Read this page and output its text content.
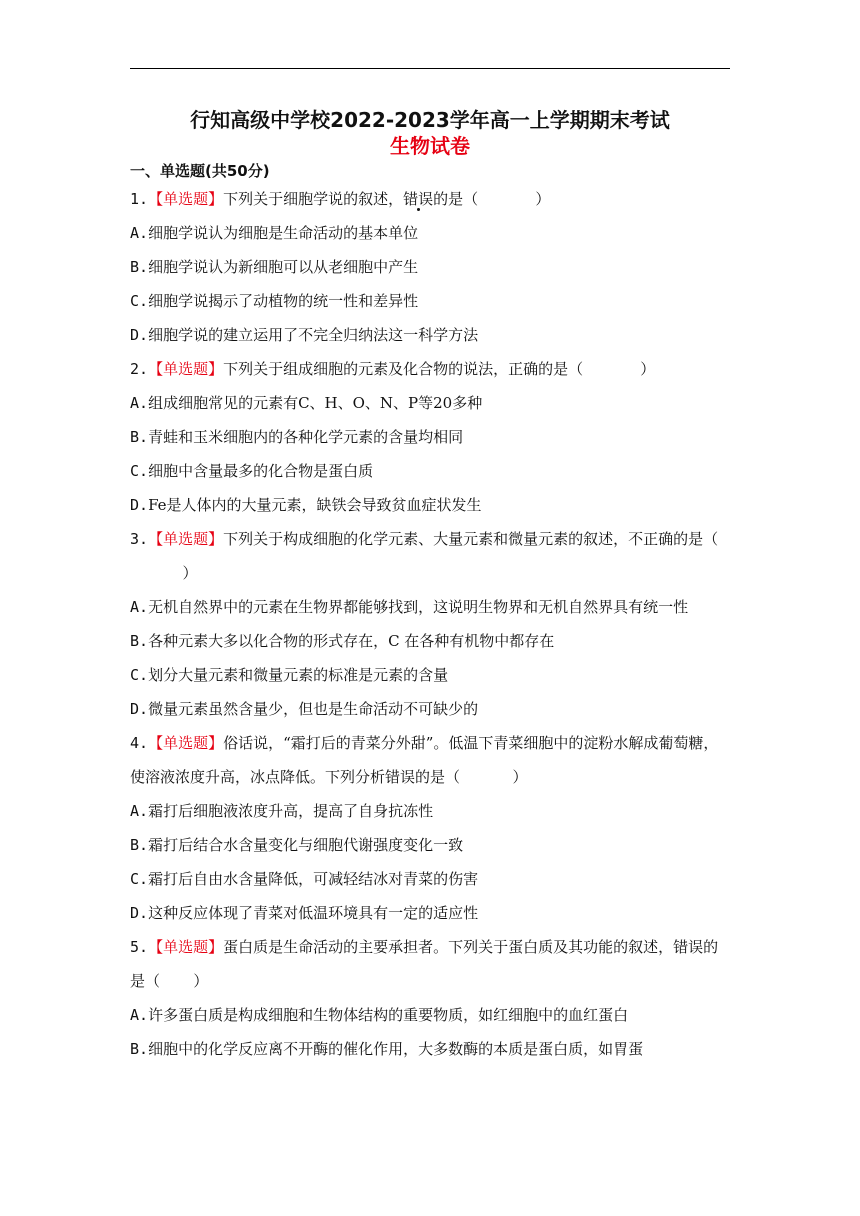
行知高级中学校2022-2023学年高一上学期期末考试
生物试卷
一、单选题(共50分)

1.【单选题】下列关于细胞学说的叙述，错误的是（            ）

A.细胞学说认为细胞是生命活动的基本单位

B.细胞学说认为新细胞可以从老细胞中产生

C.细胞学说揭示了动植物的统一性和差异性

D.细胞学说的建立运用了不完全归纳法这一科学方法

2.【单选题】下列关于组成细胞的元素及化合物的说法，正确的是（            ）

A.组成细胞常见的元素有C、H、O、N、P等20多种

B.青蛙和玉米细胞内的各种化学元素的含量均相同

C.细胞中含量最多的化合物是蛋白质

D.Fe是人体内的大量元素，缺铁会导致贫血症状发生

3.【单选题】下列关于构成细胞的化学元素、大量元素和微量元素的叙述，不正确的是（           ）

A.无机自然界中的元素在生物界都能够找到，这说明生物界和无机自然界具有统一性

B.各种元素大多以化合物的形式存在，C 在各种有机物中都存在

C.划分大量元素和微量元素的标准是元素的含量

D.微量元素虽然含量少，但也是生命活动不可缺少的

4.【单选题】俗话说，“霜打后的青菜分外甜”。低温下青菜细胞中的淀粉水解成葡萄糖，使溶液浓度升高，冰点降低。下列分析错误的是（           ）

A.霜打后细胞液浓度升高，提高了自身抗冻性

B.霜打后结合水含量变化与细胞代谢强度变化一致

C.霜打后自由水含量降低，可减轻结冰对青菜的伤害

D.这种反应体现了青菜对低温环境具有一定的适应性

5.【单选题】蛋白质是生命活动的主要承担者。下列关于蛋白质及其功能的叙述，错误的是（       ）

A.许多蛋白质是构成细胞和生物体结构的重要物质，如红细胞中的血红蛋白

B.细胞中的化学反应离不开酶的催化作用，大多数酶的本质是蛋白质，如胃蛋
